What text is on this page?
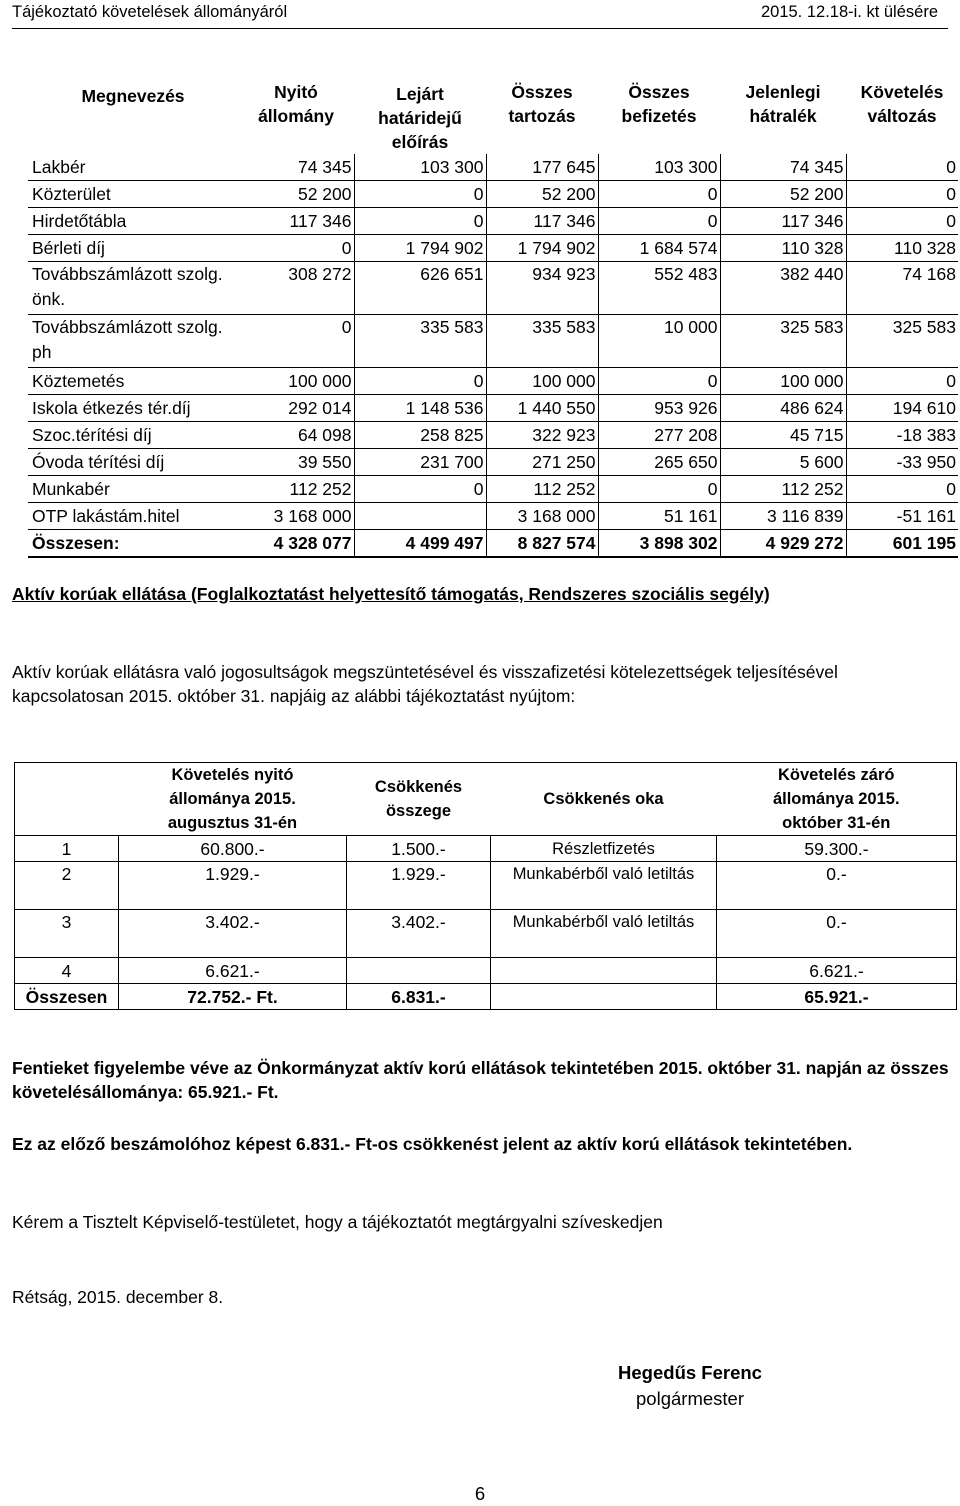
Tájékoztató követelések állományáról	2015. 12.18-i. kt ülésére
Megnevezés	Nyitó állomány	Lejárt határidejű előírás	Összes tartozás	Összes befizetés	Jelenlegi hátralék	Követelés változás
Lakbér	74 345	103 300	177 645	103 300	74 345	0
Közterület	52 200	0	52 200	0	52 200	0
Hirdetőtábla	117 346	0	117 346	0	117 346	0
Bérleti díj	0	1 794 902	1 794 902	1 684 574	110 328	110 328
Továbbszámlázott szolg. önk.	308 272	626 651	934 923	552 483	382 440	74 168
Továbbszámlázott szolg. ph	0	335 583	335 583	10 000	325 583	325 583
Köztemetés	100 000	0	100 000	0	100 000	0
Iskola étkezés tér.díj	292 014	1 148 536	1 440 550	953 926	486 624	194 610
Szoc.térítési díj	64 098	258 825	322 923	277 208	45 715	-18 383
Óvoda térítési díj	39 550	231 700	271 250	265 650	5 600	-33 950
Munkabér	112 252	0	112 252	0	112 252	0
OTP lakástám.hitel	3 168 000		3 168 000	51 161	3 116 839	-51 161
Összesen:	4 328 077	4 499 497	8 827 574	3 898 302	4 929 272	601 195

Aktív korúak ellátása (Foglalkoztatást helyettesítő támogatás, Rendszeres szociális segély)

Aktív korúak ellátásra való jogosultságok megszüntetésével és visszafizetési kötelezettségek teljesítésével kapcsolatosan 2015. október 31. napjáig az alábbi tájékoztatást nyújtom:

	Követelés nyitó állománya 2015. augusztus 31-én	Csökkenés összege	Csökkenés oka	Követelés záró állománya 2015. október 31-én
1	60.800.-	1.500.-	Részletfizetés	59.300.-
2	1.929.-	1.929.-	Munkabérből való letiltás	0.-
3	3.402.-	3.402.-	Munkabérből való letiltás	0.-
4	6.621.-			6.621.-
Összesen	72.752.- Ft.	6.831.-		65.921.-

Fentieket figyelembe véve az Önkormányzat aktív korú ellátások tekintetében 2015. október 31. napján az összes követelésállománya: 65.921.- Ft.

Ez az előző beszámolóhoz képest 6.831.- Ft-os csökkenést jelent az aktív korú ellátások tekintetében.

Kérem a Tisztelt Képviselő-testületet, hogy a tájékoztatót megtárgyalni szíveskedjen

Rétság, 2015. december 8.

Hegedűs Ferenc
polgármester
6
